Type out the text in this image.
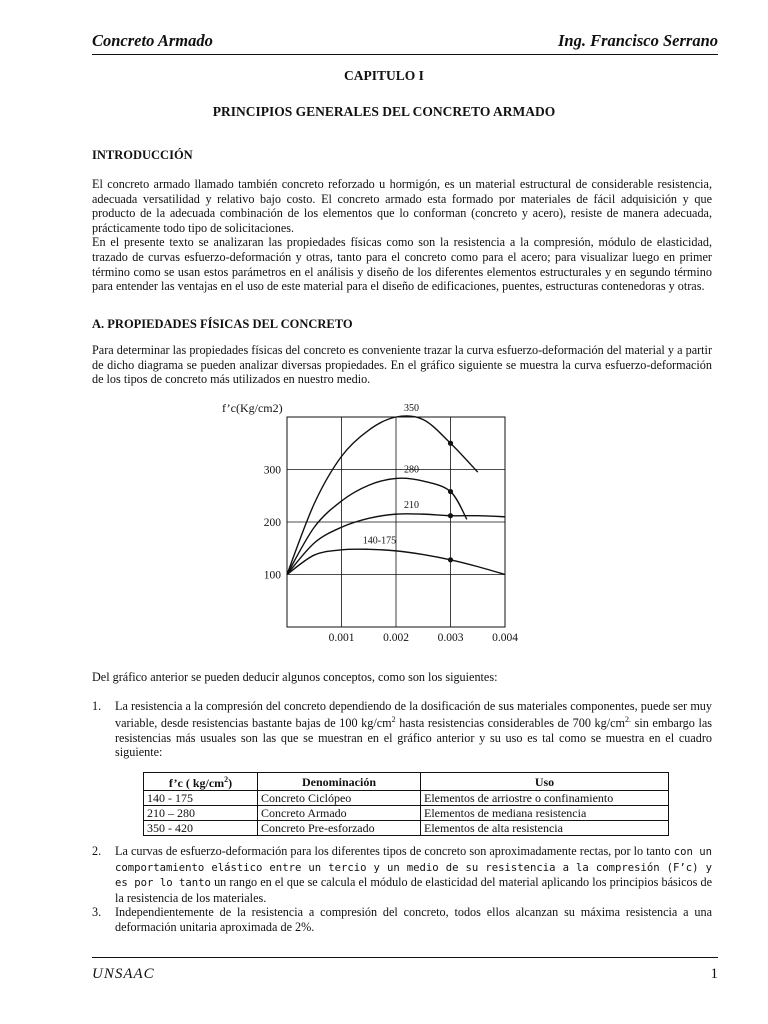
Concreto Armado	Ing. Francisco Serrano
CAPITULO I
PRINCIPIOS GENERALES DEL CONCRETO ARMADO
INTRODUCCIÓN

El concreto armado llamado también concreto reforzado u hormigón, es un material estructural de considerable resistencia, adecuada versatilidad y relativo bajo costo. El concreto armado esta formado por materiales de fácil adquisición y que producto de la adecuada combinación de los elementos que lo conforman (concreto y acero), resiste de manera adecuada, prácticamente todo tipo de solicitaciones.

En el presente texto se analizaran las propiedades físicas como son la resistencia a la compresión, módulo de elasticidad, trazado de curvas esfuerzo-deformación y otras, tanto para el concreto como para el acero; para visualizar luego en primer término como se usan estos parámetros en el análisis y diseño de los diferentes elementos estructurales y en segundo término para entender las ventajas en el uso de este material para el diseño de edificaciones, puentes, estructuras contenedoras y otras.

A. PROPIEDADES FÍSICAS DEL CONCRETO
Para determinar las propiedades físicas del concreto es conveniente trazar la curva esfuerzo-deformación del material y a partir de dicho diagrama se pueden analizar diversas propiedades. En el gráfico siguiente se muestra la curva esfuerzo-deformación de los tipos de concreto más utilizados en nuestro medio.
0.001 0.002 0.003 0.004
100
200
300
f’c(Kg/cm2)	350
280
210
140-175
Del gráfico anterior se pueden deducir algunos conceptos, como son los siguientes:
1. La resistencia a la compresión del concreto dependiendo de la dosificación de sus materiales componentes, puede ser muy variable, desde resistencias bastante bajas de 100 $kg/cm^2$ hasta resistencias considerables de 700 $kg/cm^{2.}$ sin embargo las resistencias más usuales son las que se muestran en el gráfico anterior y su uso es tal como se muestra en el cuadro siguiente:
2. La curvas de esfuerzo-deformación para los diferentes tipos de concreto son aproximadamente rectas, por lo tanto con un comportamiento elástico entre un tercio y un medio de su resistencia a la compresión (F’c) y es por lo tanto un rango en el que se calcula el módulo de elasticidad del material aplicando los principios básicos de la resistencia de los materiales.
3. Independientemente de la resistencia a compresión del concreto, todos ellos alcanzan su máxima resistencia a una deformación unitaria aproximada de 2%.
f’c ( $kg/cm^2$)	Denominación	Uso
140 - 175	Concreto Ciclópeo	Elementos de arriostre o confinamiento
210 – 280	Concreto Armado	Elementos de mediana resistencia
350 - 420	Concreto Pre-esforzado	Elementos de alta resistencia
UNSAAC	1
